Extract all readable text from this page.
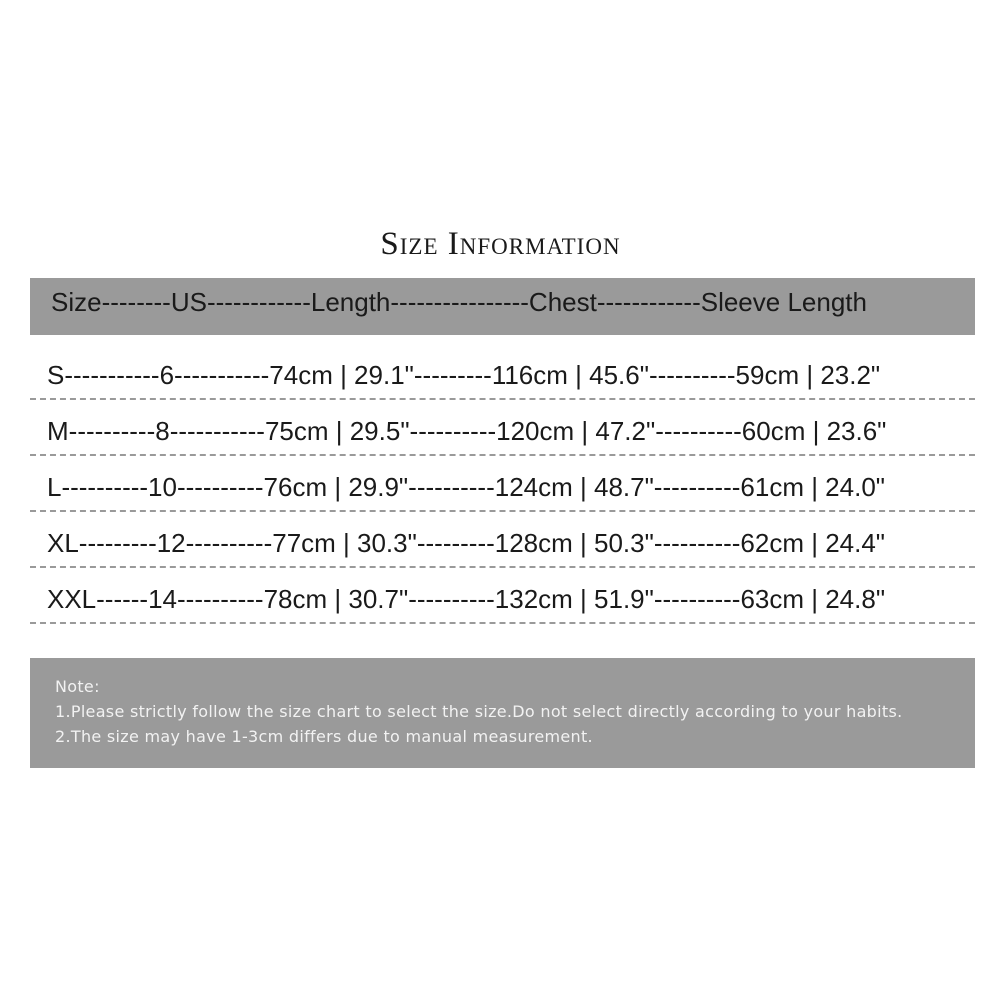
Size Information
Size--------US------------Length----------------Chest------------Sleeve Length
S-----------6-----------74cm | 29.1"---------116cm | 45.6"----------59cm | 23.2"
M----------8-----------75cm | 29.5"----------120cm | 47.2"----------60cm | 23.6"
L----------10----------76cm | 29.9"----------124cm | 48.7"----------61cm | 24.0"
XL---------12----------77cm | 30.3"---------128cm | 50.3"----------62cm | 24.4"
XXL------14----------78cm | 30.7"----------132cm | 51.9"----------63cm | 24.8"
Note:
1.Please strictly follow the size chart to select the size.Do not select directly according to your habits.
2.The size may have 1-3cm differs due to manual measurement.
